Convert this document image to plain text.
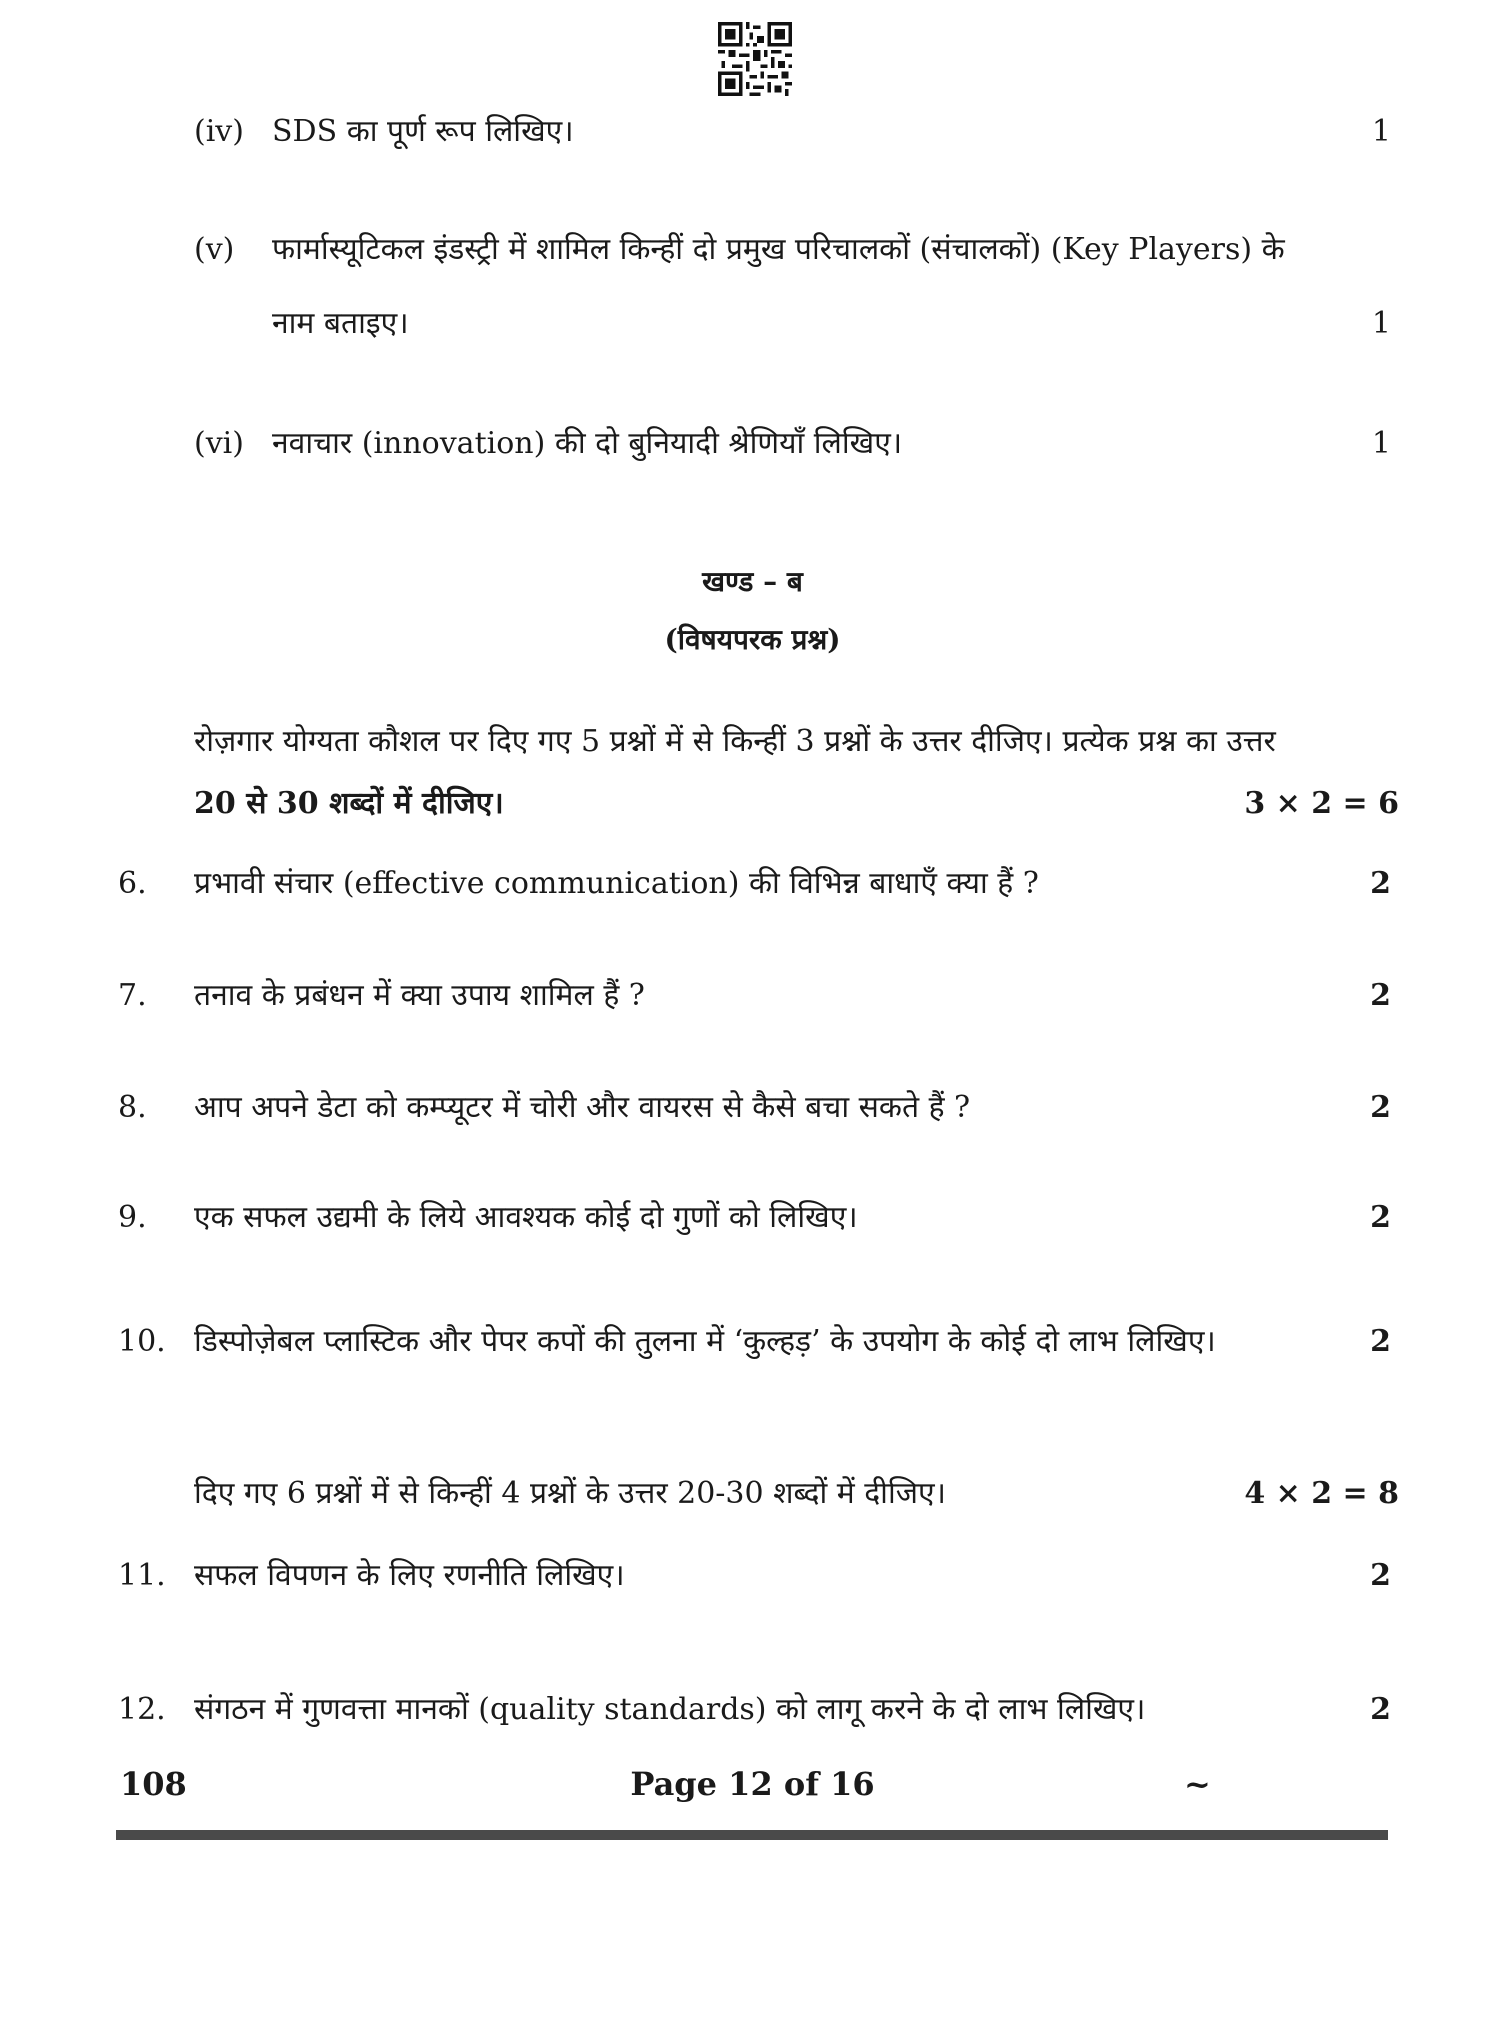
(iv) SDS का पूर्ण रूप लिखिए।	1
(v) फार्मास्यूटिकल इंडस्ट्री में शामिल किन्हीं दो प्रमुख परिचालकों (संचालकों) (Key Players) के
नाम बताइए।	1
(vi) नवाचार (innovation) की दो बुनियादी श्रेणियाँ लिखिए।	1
खण्ड – ब
(विषयपरक प्रश्न)
रोज़गार योग्यता कौशल पर दिए गए 5 प्रश्नों में से किन्हीं 3 प्रश्नों के उत्तर दीजिए। प्रत्येक प्रश्न का उत्तर
20 से 30 शब्दों में दीजिए।	3 × 2 = 6
6. प्रभावी संचार (effective communication) की विभिन्न बाधाएँ क्या हैं ?	2
7. तनाव के प्रबंधन में क्या उपाय शामिल हैं ?	2
8. आप अपने डेटा को कम्प्यूटर में चोरी और वायरस से कैसे बचा सकते हैं ?	2
9. एक सफल उद्यमी के लिये आवश्यक कोई दो गुणों को लिखिए।	2
10. डिस्पोज़ेबल प्लास्टिक और पेपर कपों की तुलना में ‘कुल्हड़’ के उपयोग के कोई दो लाभ लिखिए।	2
दिए गए 6 प्रश्नों में से किन्हीं 4 प्रश्नों के उत्तर 20-30 शब्दों में दीजिए।	4 × 2 = 8
11. सफल विपणन के लिए रणनीति लिखिए।	2
12. संगठन में गुणवत्ता मानकों (quality standards) को लागू करने के दो लाभ लिखिए।	2
108	Page 12 of 16	~
